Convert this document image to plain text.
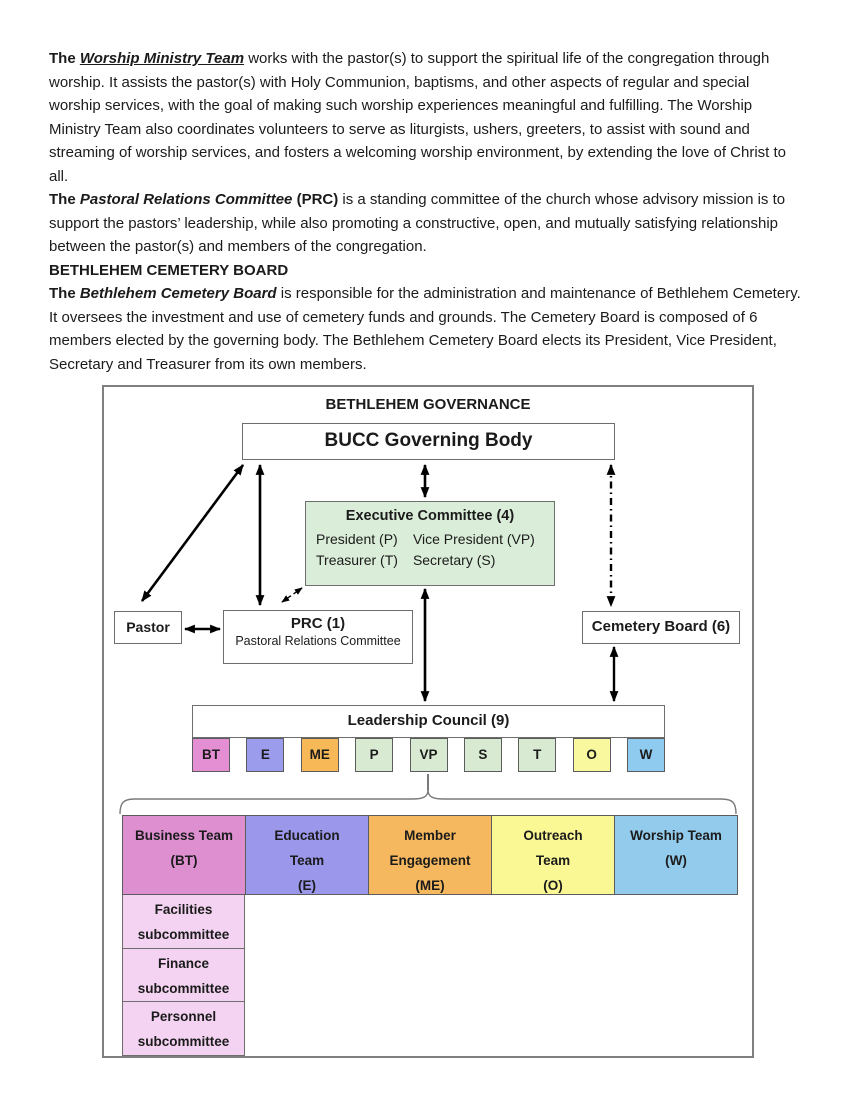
The Worship Ministry Team works with the pastor(s) to support the spiritual life of the congregation through worship. It assists the pastor(s) with Holy Communion, baptisms, and other aspects of regular and special worship services, with the goal of making such worship experiences meaningful and fulfilling. The Worship Ministry Team also coordinates volunteers to serve as liturgists, ushers, greeters, to assist with sound and streaming of worship services, and fosters a welcoming worship environment, by extending the love of Christ to all.
The Pastoral Relations Committee (PRC) is a standing committee of the church whose advisory mission is to support the pastors’ leadership, while also promoting a constructive, open, and mutually satisfying relationship between the pastor(s) and members of the congregation.
BETHLEHEM CEMETERY BOARD
The Bethlehem Cemetery Board is responsible for the administration and maintenance of Bethlehem Cemetery. It oversees the investment and use of cemetery funds and grounds. The Cemetery Board is composed of 6 members elected by the governing body. The Bethlehem Cemetery Board elects its President, Vice President, Secretary and Treasurer from its own members.
BETHLEHEM GOVERNANCE
BUCC Governing Body
Executive Committee (4)
President (P) Vice President (VP)
Treasurer (T) Secretary (S)
Pastor	PRC (1)
Pastoral Relations Committee
Cemetery Board (6)
Leadership Council (9)
BT	E	ME	P	VP	S	T	O	W
Business Team
(BT)
Education
Team
(E)
Member
Engagement
(ME)
Outreach
Team
(O)
Worship Team
(W)
Facilities
subcommittee
Finance
subcommittee
Personnel
subcommittee
